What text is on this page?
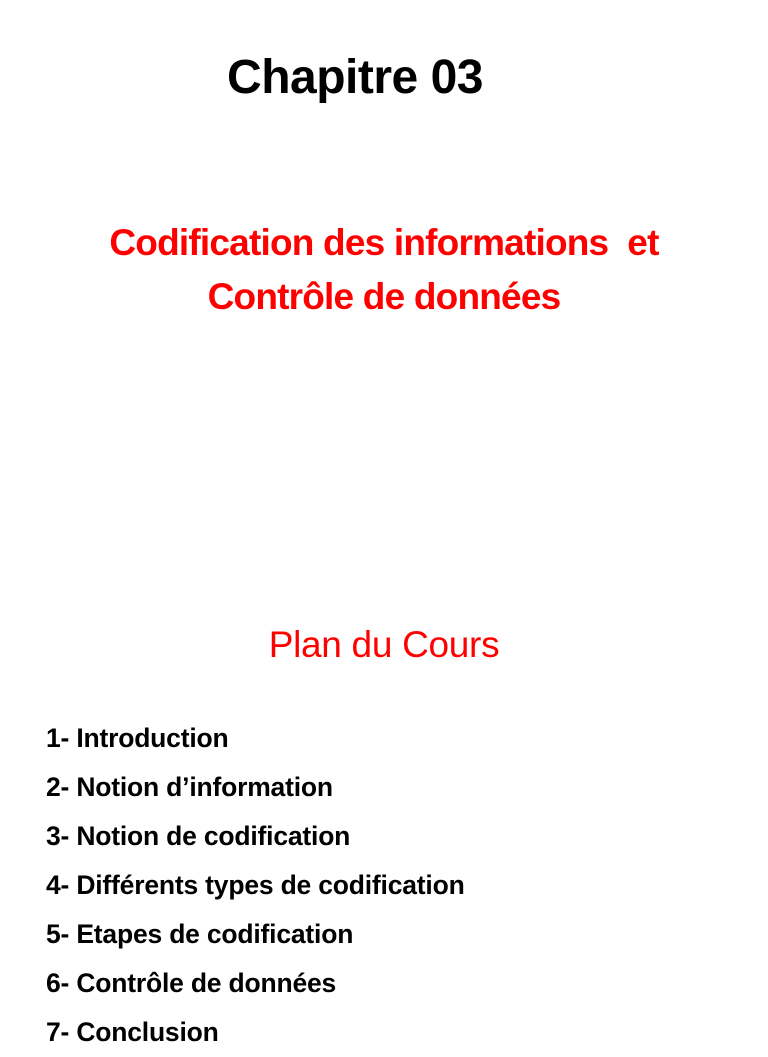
Chapitre 03
Codification des informations  et
Contrôle de données
Plan du Cours
1- Introduction
2- Notion d’information
3- Notion de codification
4- Différents types de codification
5- Etapes de codification
6- Contrôle de données
7- Conclusion
